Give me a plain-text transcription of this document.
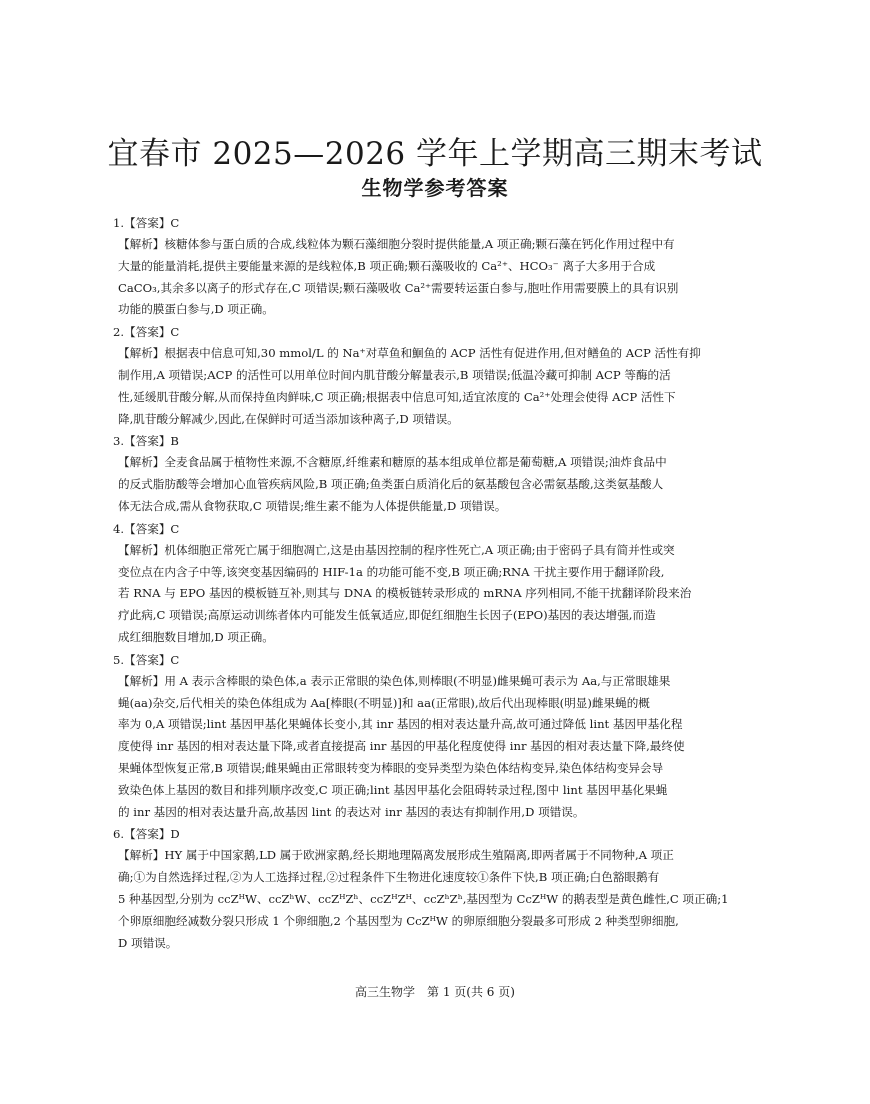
宜春市 2025—2026 学年上学期高三期末考试
生物学参考答案
1.【答案】C
【解析】核糖体参与蛋白质的合成,线粒体为颗石藻细胞分裂时提供能量,A 项正确;颗石藻在钙化作用过程中有
大量的能量消耗,提供主要能量来源的是线粒体,B 项正确;颗石藻吸收的 Ca²⁺、HCO₃⁻ 离子大多用于合成
CaCO₃,其余多以离子的形式存在,C 项错误;颗石藻吸收 Ca²⁺需要转运蛋白参与,胞吐作用需要膜上的具有识别
功能的膜蛋白参与,D 项正确。
2.【答案】C
【解析】根据表中信息可知,30 mmol/L 的 Na⁺对草鱼和鮰鱼的 ACP 活性有促进作用,但对鳝鱼的 ACP 活性有抑
制作用,A 项错误;ACP 的活性可以用单位时间内肌苷酸分解量表示,B 项错误;低温冷藏可抑制 ACP 等酶的活
性,延缓肌苷酸分解,从而保持鱼肉鲜味,C 项正确;根据表中信息可知,适宜浓度的 Ca²⁺处理会使得 ACP 活性下
降,肌苷酸分解减少,因此,在保鲜时可适当添加该种离子,D 项错误。
3.【答案】B
【解析】全麦食品属于植物性来源,不含糖原,纤维素和糖原的基本组成单位都是葡萄糖,A 项错误;油炸食品中
的反式脂肪酸等会增加心血管疾病风险,B 项正确;鱼类蛋白质消化后的氨基酸包含必需氨基酸,这类氨基酸人
体无法合成,需从食物获取,C 项错误;维生素不能为人体提供能量,D 项错误。
4.【答案】C
【解析】机体细胞正常死亡属于细胞凋亡,这是由基因控制的程序性死亡,A 项正确;由于密码子具有简并性或突
变位点在内含子中等,该突变基因编码的 HIF-1a 的功能可能不变,B 项正确;RNA 干扰主要作用于翻译阶段,
若 RNA 与 EPO 基因的模板链互补,则其与 DNA 的模板链转录形成的 mRNA 序列相同,不能干扰翻译阶段来治
疗此病,C 项错误;高原运动训练者体内可能发生低氧适应,即促红细胞生长因子(EPO)基因的表达增强,而造
成红细胞数目增加,D 项正确。
5.【答案】C
【解析】用 A 表示含棒眼的染色体,a 表示正常眼的染色体,则棒眼(不明显)雌果蝇可表示为 Aa,与正常眼雄果
蝇(aa)杂交,后代相关的染色体组成为 Aa[棒眼(不明显)]和 aa(正常眼),故后代出现棒眼(明显)雌果蝇的概
率为 0,A 项错误;lint 基因甲基化果蝇体长变小,其 inr 基因的相对表达量升高,故可通过降低 lint 基因甲基化程
度使得 inr 基因的相对表达量下降,或者直接提高 inr 基因的甲基化程度使得 inr 基因的相对表达量下降,最终使
果蝇体型恢复正常,B 项错误;雌果蝇由正常眼转变为棒眼的变异类型为染色体结构变异,染色体结构变异会导
致染色体上基因的数目和排列顺序改变,C 项正确;lint 基因甲基化会阻碍转录过程,图中 lint 基因甲基化果蝇
的 inr 基因的相对表达量升高,故基因 lint 的表达对 inr 基因的表达有抑制作用,D 项错误。
6.【答案】D
【解析】HY 属于中国家鹅,LD 属于欧洲家鹅,经长期地理隔离发展形成生殖隔离,即两者属于不同物种,A 项正
确;①为自然选择过程,②为人工选择过程,②过程条件下生物进化速度较①条件下快,B 项正确;白色豁眼鹅有
5 种基因型,分别为 ccZᴴW、ccZʰW、ccZᴴZʰ、ccZᴴZᴴ、ccZʰZʰ,基因型为 CcZᴴW 的鹅表型是黄色雌性,C 项正确;1
个卵原细胞经减数分裂只形成 1 个卵细胞,2 个基因型为 CcZᴴW 的卵原细胞分裂最多可形成 2 种类型卵细胞,
D 项错误。
高三生物学　第 1 页(共 6 页)
